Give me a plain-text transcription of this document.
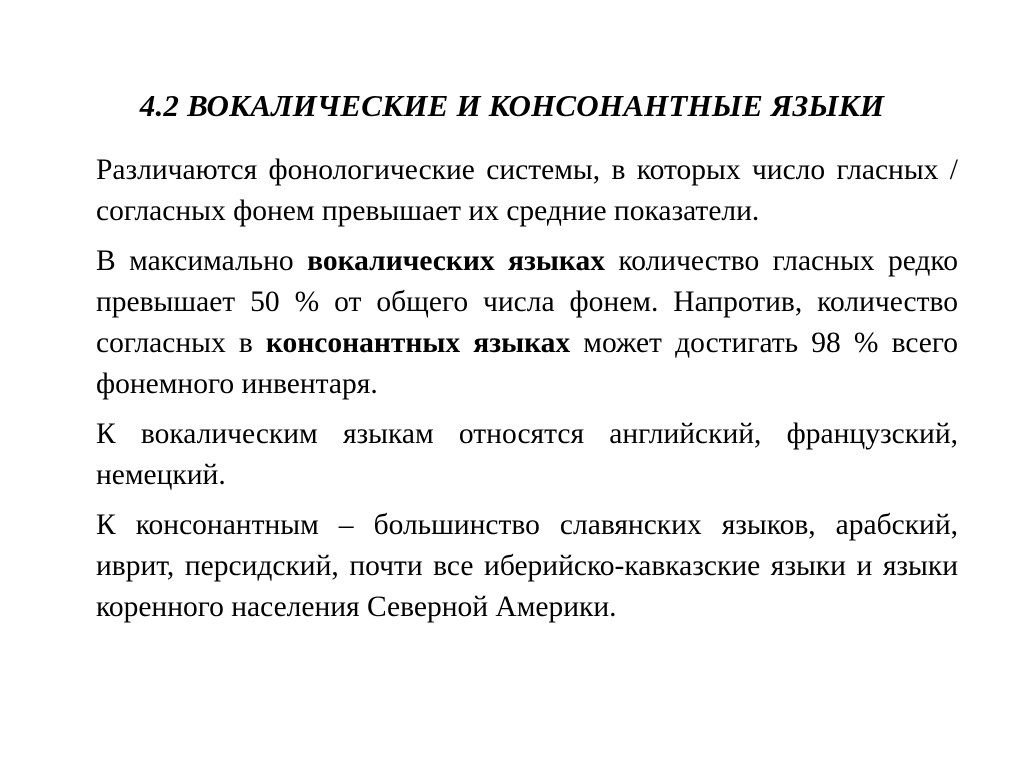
4.2 ВОКАЛИЧЕСКИЕ И КОНСОНАНТНЫЕ ЯЗЫКИ

Различаются фонологические системы, в которых число гласных / согласных фонем превышает их средние показатели.

В максимально вокалических языках количество гласных редко превышает 50 % от общего числа фонем. Напротив, количество согласных в консонантных языках может достигать 98 % всего фонемного инвентаря.

К вокалическим языкам относятся английский, французский, немецкий.

К консонантным – большинство славянских языков, арабский, иврит, персидский, почти все иберийско-кавказские языки и языки коренного населения Северной Америки.
